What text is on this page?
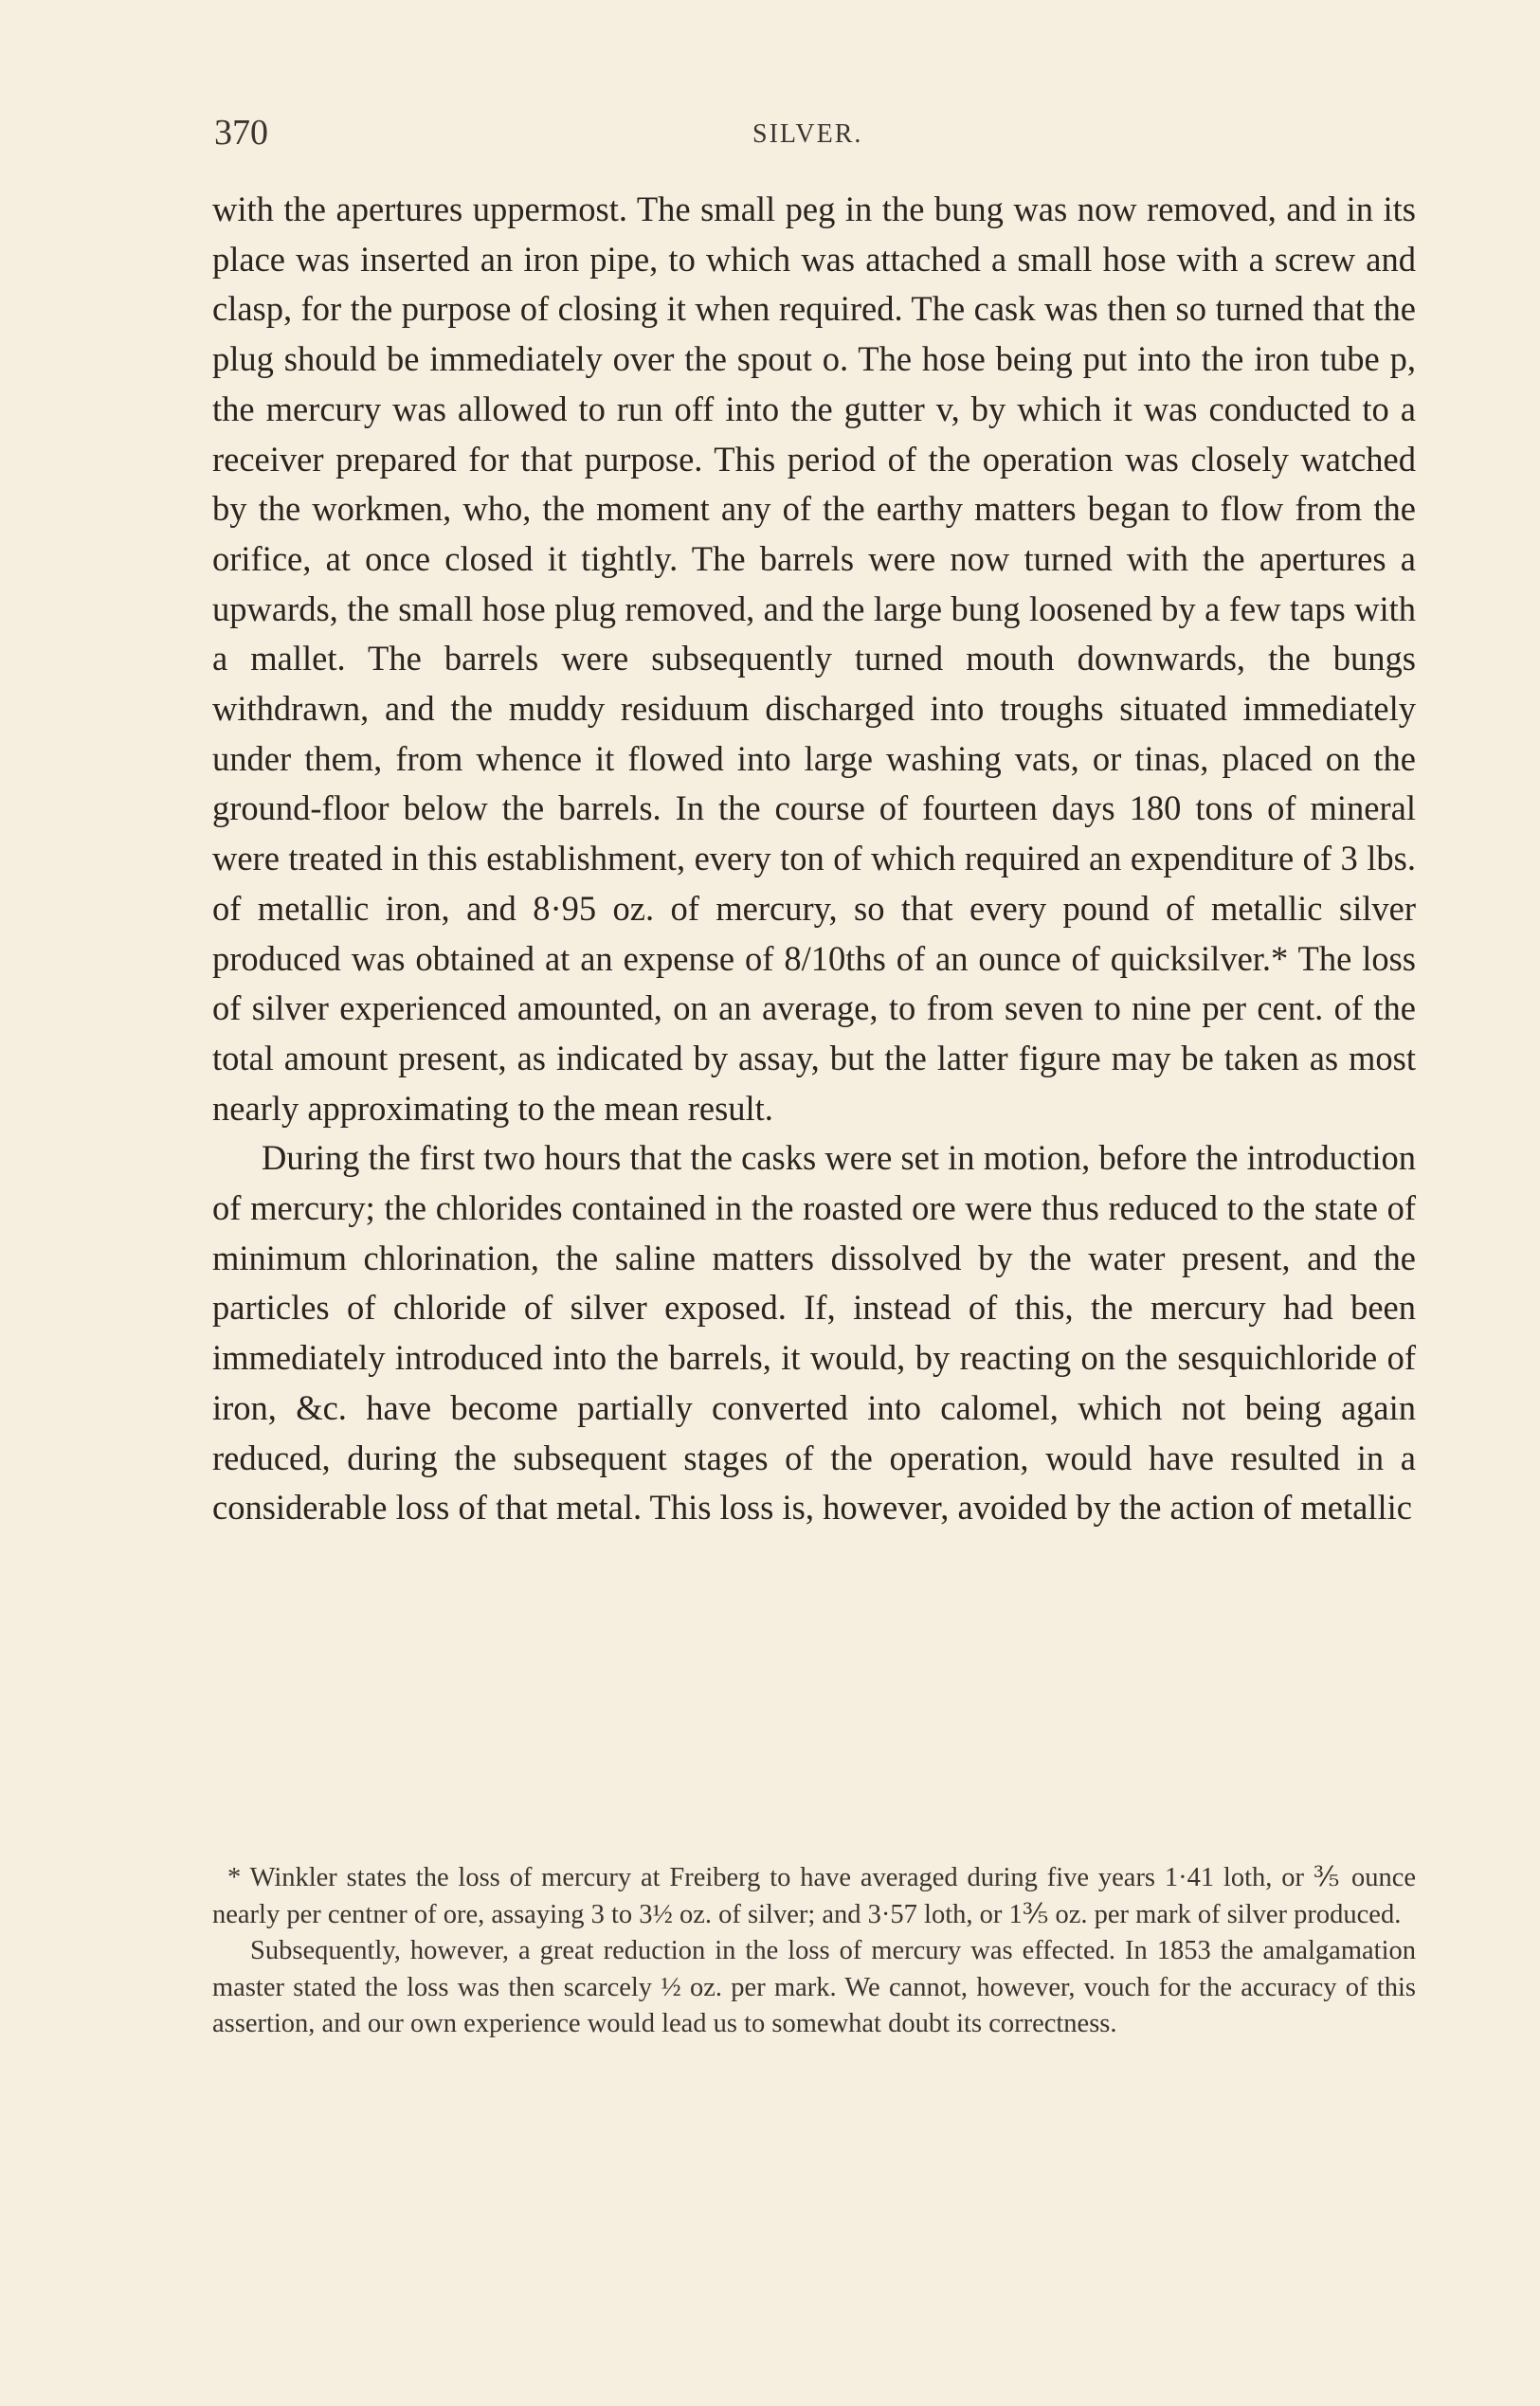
370	SILVER.

with the apertures uppermost. The small peg in the bung was now removed, and in its place was inserted an iron pipe, to which was attached a small hose with a screw and clasp, for the purpose of closing it when required. The cask was then so turned that the plug should be immediately over the spout o. The hose being put into the iron tube p, the mercury was allowed to run off into the gutter v, by which it was conducted to a receiver prepared for that purpose. This period of the operation was closely watched by the workmen, who, the moment any of the earthy matters began to flow from the orifice, at once closed it tightly. The barrels were now turned with the apertures a upwards, the small hose plug removed, and the large bung loosened by a few taps with a mallet. The barrels were subsequently turned mouth downwards, the bungs withdrawn, and the muddy residuum discharged into troughs situated immediately under them, from whence it flowed into large washing vats, or tinas, placed on the ground-floor below the barrels. In the course of fourteen days 180 tons of mineral were treated in this establishment, every ton of which required an expenditure of 3 lbs. of metallic iron, and 8·95 oz. of mercury, so that every pound of metallic silver produced was obtained at an expense of 8/10ths of an ounce of quicksilver.* The loss of silver experienced amounted, on an average, to from seven to nine per cent. of the total amount present, as indicated by assay, but the latter figure may be taken as most nearly approximating to the mean result.

During the first two hours that the casks were set in motion, before the introduction of mercury; the chlorides contained in the roasted ore were thus reduced to the state of minimum chlorination, the saline matters dissolved by the water present, and the particles of chloride of silver exposed. If, instead of this, the mercury had been immediately introduced into the barrels, it would, by reacting on the sesquichloride of iron, &c. have become partially converted into calomel, which not being again reduced, during the subsequent stages of the operation, would have resulted in a considerable loss of that metal. This loss is, however, avoided by the action of metallic

* Winkler states the loss of mercury at Freiberg to have averaged during five years 1·41 loth, or ⅗ ounce nearly per centner of ore, assaying 3 to 3½ oz. of silver; and 3·57 loth, or 1⅗ oz. per mark of silver produced.

Subsequently, however, a great reduction in the loss of mercury was effected. In 1853 the amalgamation master stated the loss was then scarcely ½ oz. per mark. We cannot, however, vouch for the accuracy of this assertion, and our own experience would lead us to somewhat doubt its correctness.
